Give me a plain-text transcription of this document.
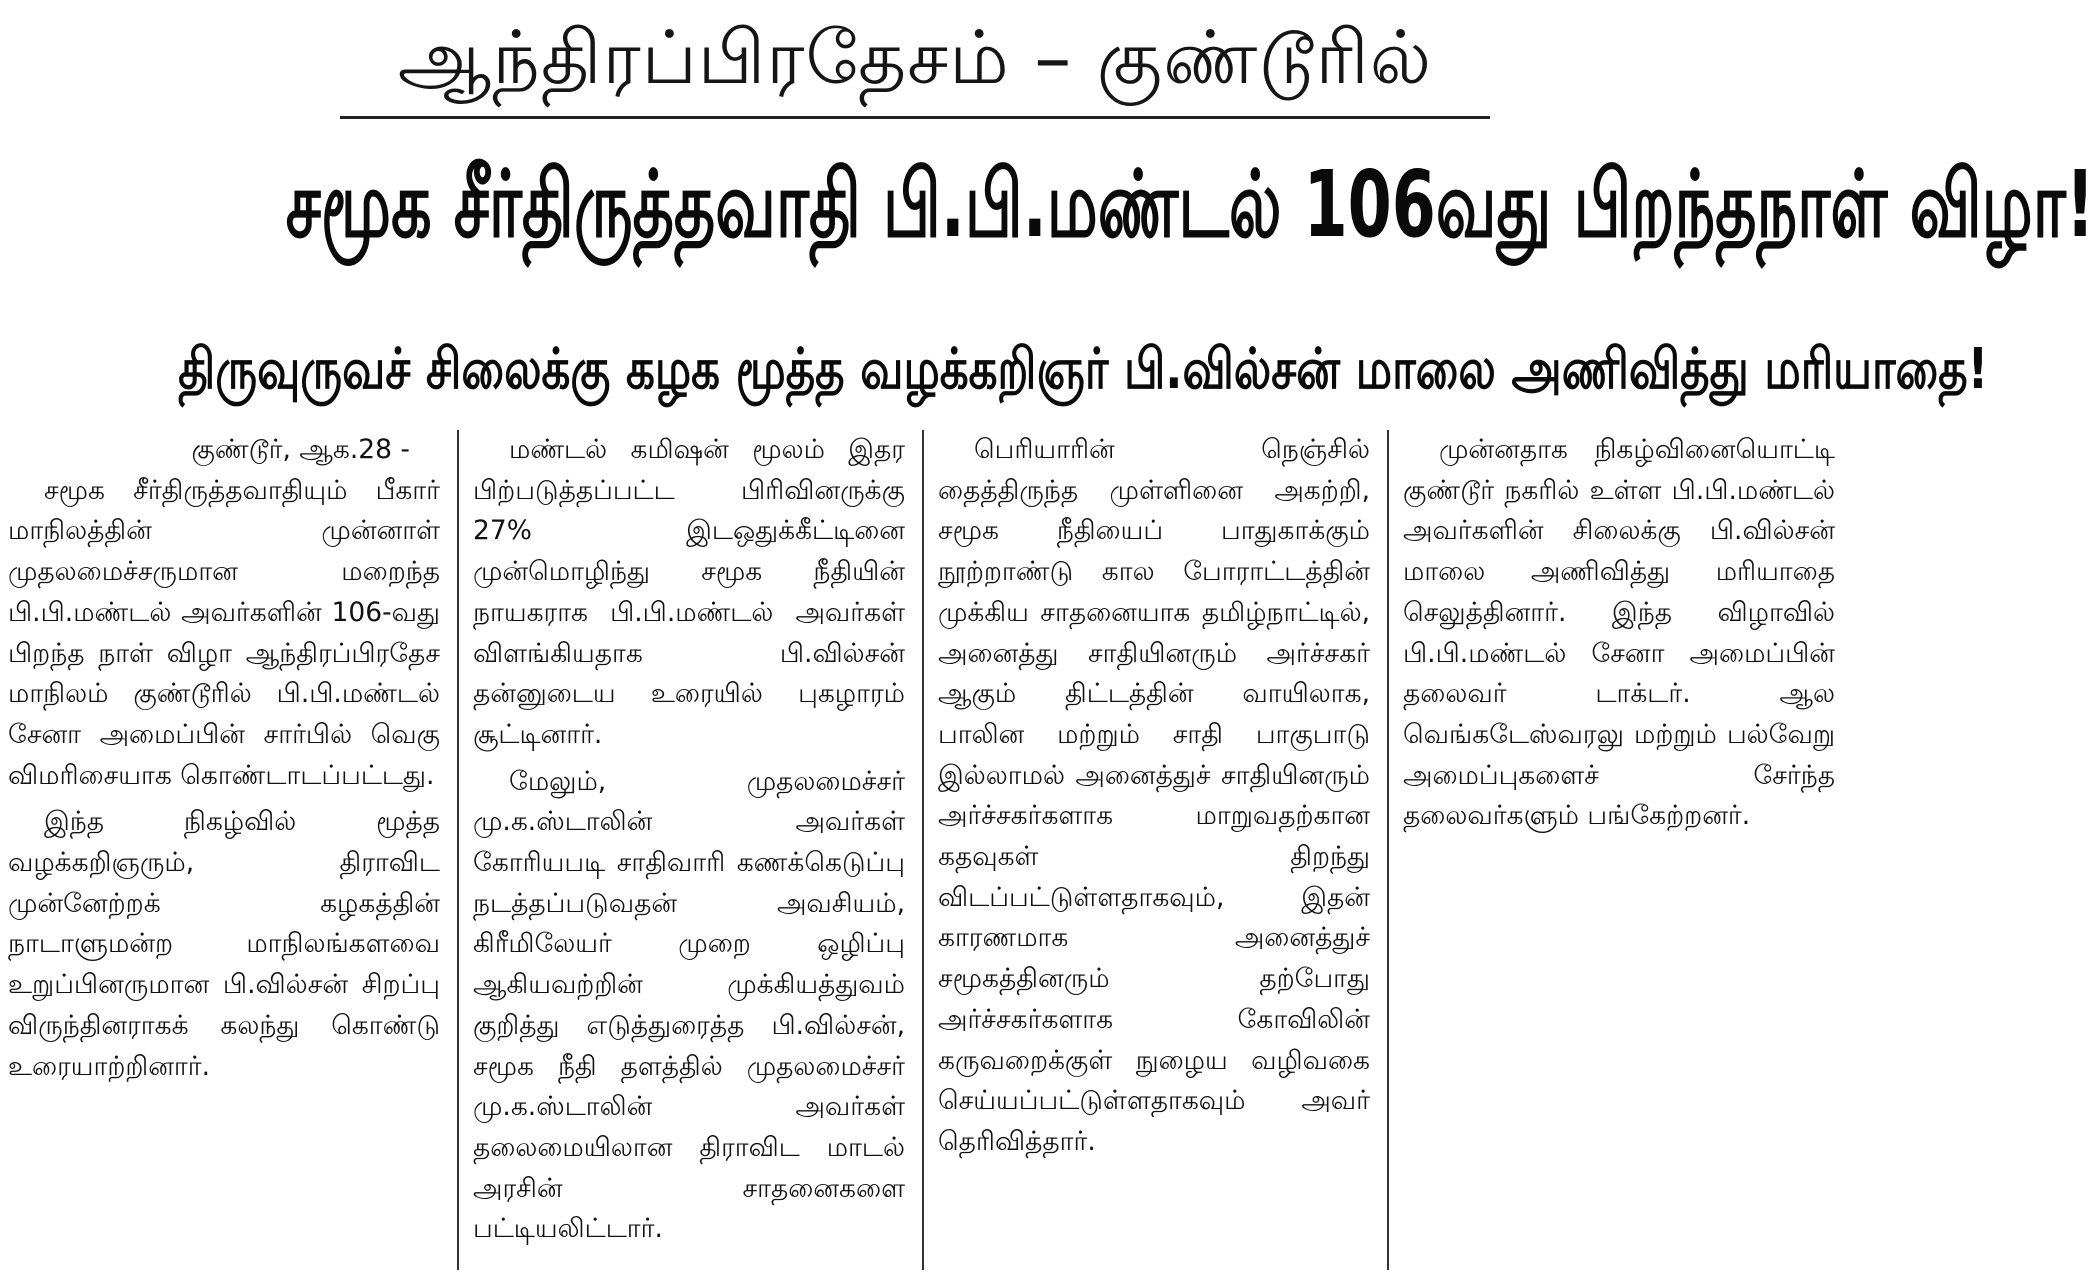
ஆந்திரப்பிரதேசம் – குண்டூரில்
சமூக சீர்திருத்தவாதி பி.பி.மண்டல் 106வது பிறந்தநாள் விழா!
திருவுருவச் சிலைக்கு கழக மூத்த வழக்கறிஞர் பி.வில்சன் மாலை அணிவித்து மரியாதை!

குண்டூர், ஆக.28 -

சமூக சீர்திருத்தவாதியும் பீகார் மாநிலத்தின் முன்னாள் முதலமைச்சருமான மறைந்த பி.பி.மண்டல் அவர்களின் 106-வது பிறந்த நாள் விழா ஆந்திரப்பிரதேச மாநிலம் குண்டூரில் பி.பி.மண்டல் சேனா அமைப்பின் சார்பில் வெகு விமரிசையாக கொண்டாடப்பட்டது.

இந்த நிகழ்வில் மூத்த வழக்கறிஞரும், திராவிட முன்னேற்றக் கழகத்தின் நாடாளுமன்ற மாநிலங்களவை உறுப்பினருமான பி.வில்சன் சிறப்பு விருந்தினராகக் கலந்து கொண்டு உரையாற்றினார்.

மண்டல் கமிஷன் மூலம் இதர பிற்படுத்தப்பட்ட பிரிவினருக்கு 27% இடஒதுக்கீட்டினை முன்மொழிந்து சமூக நீதியின் நாயகராக பி.பி.மண்டல் அவர்கள் விளங்கியதாக பி.வில்சன் தன்னுடைய உரையில் புகழாரம் சூட்டினார்.

மேலும், முதலமைச்சர் மு.க.ஸ்டாலின் அவர்கள் கோரியபடி சாதிவாரி கணக்கெடுப்பு நடத்தப்படுவதன் அவசியம், கிரீமிலேயர் முறை ஒழிப்பு ஆகியவற்றின் முக்கியத்துவம் குறித்து எடுத்துரைத்த பி.வில்சன், சமூக நீதி தளத்தில் முதலமைச்சர் மு.க.ஸ்டாலின் அவர்கள் தலைமையிலான திராவிட மாடல் அரசின் சாதனைகளை பட்டியலிட்டார்.

பெரியாரின் நெஞ்சில் தைத்திருந்த முள்ளினை அகற்றி, சமூக நீதியைப் பாதுகாக்கும் நூற்றாண்டு கால போராட்டத்தின் முக்கிய சாதனையாக தமிழ்நாட்டில், அனைத்து சாதியினரும் அர்ச்சகர் ஆகும் திட்டத்தின் வாயிலாக, பாலின மற்றும் சாதி பாகுபாடு இல்லாமல் அனைத்துச் சாதியினரும் அர்ச்சகர்களாக மாறுவதற்கான கதவுகள் திறந்து விடப்பட்டுள்ளதாகவும், இதன் காரணமாக அனைத்துச் சமூகத்தினரும் தற்போது அர்ச்சகர்களாக கோவிலின் கருவறைக்குள் நுழைய வழிவகை செய்யப்பட்டுள்ளதாகவும் அவர் தெரிவித்தார்.

முன்னதாக நிகழ்வினையொட்டி குண்டூர் நகரில் உள்ள பி.பி.மண்டல் அவர்களின் சிலைக்கு பி.வில்சன் மாலை அணிவித்து மரியாதை செலுத்தினார். இந்த விழாவில் பி.பி.மண்டல் சேனா அமைப்பின் தலைவர் டாக்டர். ஆல வெங்கடேஸ்வரலு மற்றும் பல்வேறு அமைப்புகளைச் சேர்ந்த தலைவர்களும் பங்கேற்றனர்.
